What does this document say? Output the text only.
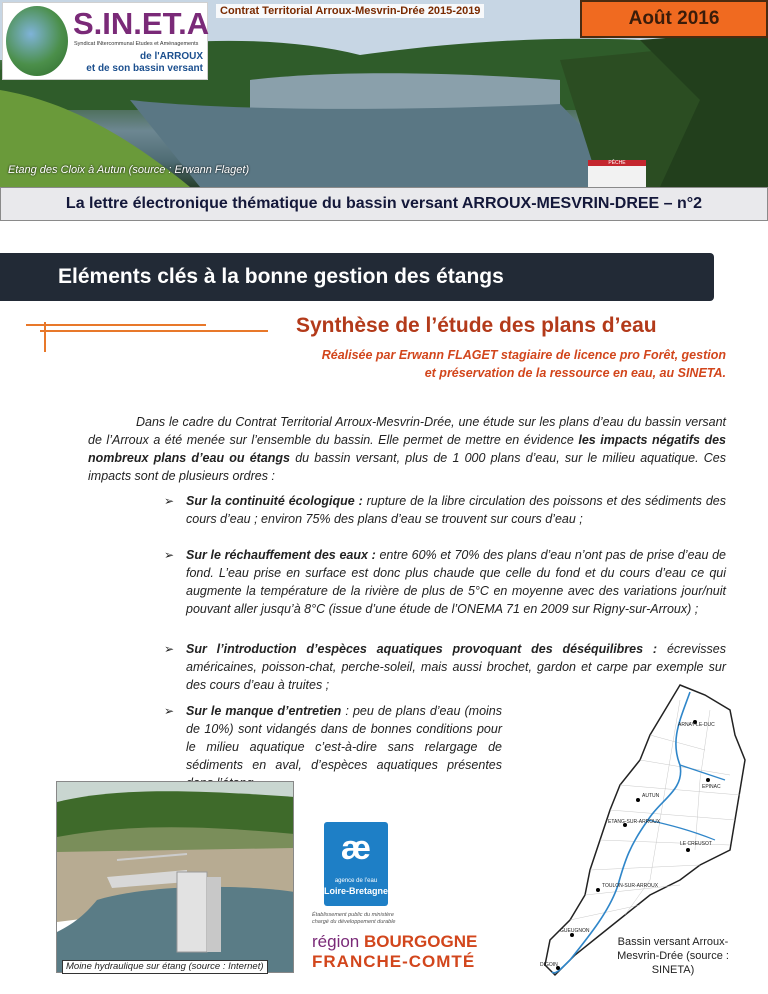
S.IN.ET.A
Syndicat INtercommunal Etudes et Aménagements
de l'ARROUX
et de son bassin versant
Contrat Territorial Arroux-Mesvrin-Drée 2015-2019	Août 2016
PÊCHE
Etang des Cloix à Autun (source : Erwann Flaget)
La lettre électronique thématique du bassin versant ARROUX-MESVRIN-DREE – n°2
Eléments clés à la bonne gestion des étangs
Synthèse de l’étude des plans d’eau
Réalisée par Erwann FLAGET stagiaire de licence pro Forêt, gestion
et préservation de la ressource en eau, au SINETA.
Dans le cadre du Contrat Territorial Arroux-Mesvrin-Drée, une étude sur les plans d’eau du bassin versant de l’Arroux a été menée sur l’ensemble du bassin. Elle permet de mettre en évidence les impacts négatifs des nombreux plans d’eau ou étangs du bassin versant, plus de 1 000 plans d’eau, sur le milieu aquatique. Ces impacts sont de plusieurs ordres :
➢ Sur la continuité écologique : rupture de la libre circulation des poissons et des sédiments des cours d’eau ; environ 75% des plans d’eau se trouvent sur cours d’eau ;
➢ Sur le réchauffement des eaux : entre 60% et 70% des plans d’eau n’ont pas de prise d’eau de fond. L’eau prise en surface est donc plus chaude que celle du fond et du cours d’eau ce qui augmente la température de la rivière de plus de 5°C en moyenne avec des variations jour/nuit pouvant aller jusqu’à 8°C (issue d’une étude de l’ONEMA 71 en 2009 sur Rigny-sur-Arroux) ;
➢ Sur l’introduction d’espèces aquatiques provoquant des déséquilibres : écrevisses américaines, poisson-chat, perche-soleil, mais aussi brochet, gardon et carpe par exemple sur des cours d’eau à truites ;
➢ Sur le manque d’entretien : peu de plans d’eau (moins de 10%) sont vidangés dans de bonnes conditions pour le milieu aquatique c’est-à-dire sans relargage de sédiments en aval, d’espèces aquatiques présentes
Moine hydraulique sur étang (source : Internet)
æ
agence de l’eau
Loire-Bretagne
Établissement public du ministère chargé du développement durable
région BOURGOGNE
FRANCHE-COMTÉ
ARNAY-LE-DUC
EPINAC
AUTUN
ETANG-SUR-ARROUX
LE CREUSOT
TOULON-SUR-ARROUX
GUEUGNON
DIGOIN
Bassin versant Arroux-Mesvrin-Drée (source : SINETA)
